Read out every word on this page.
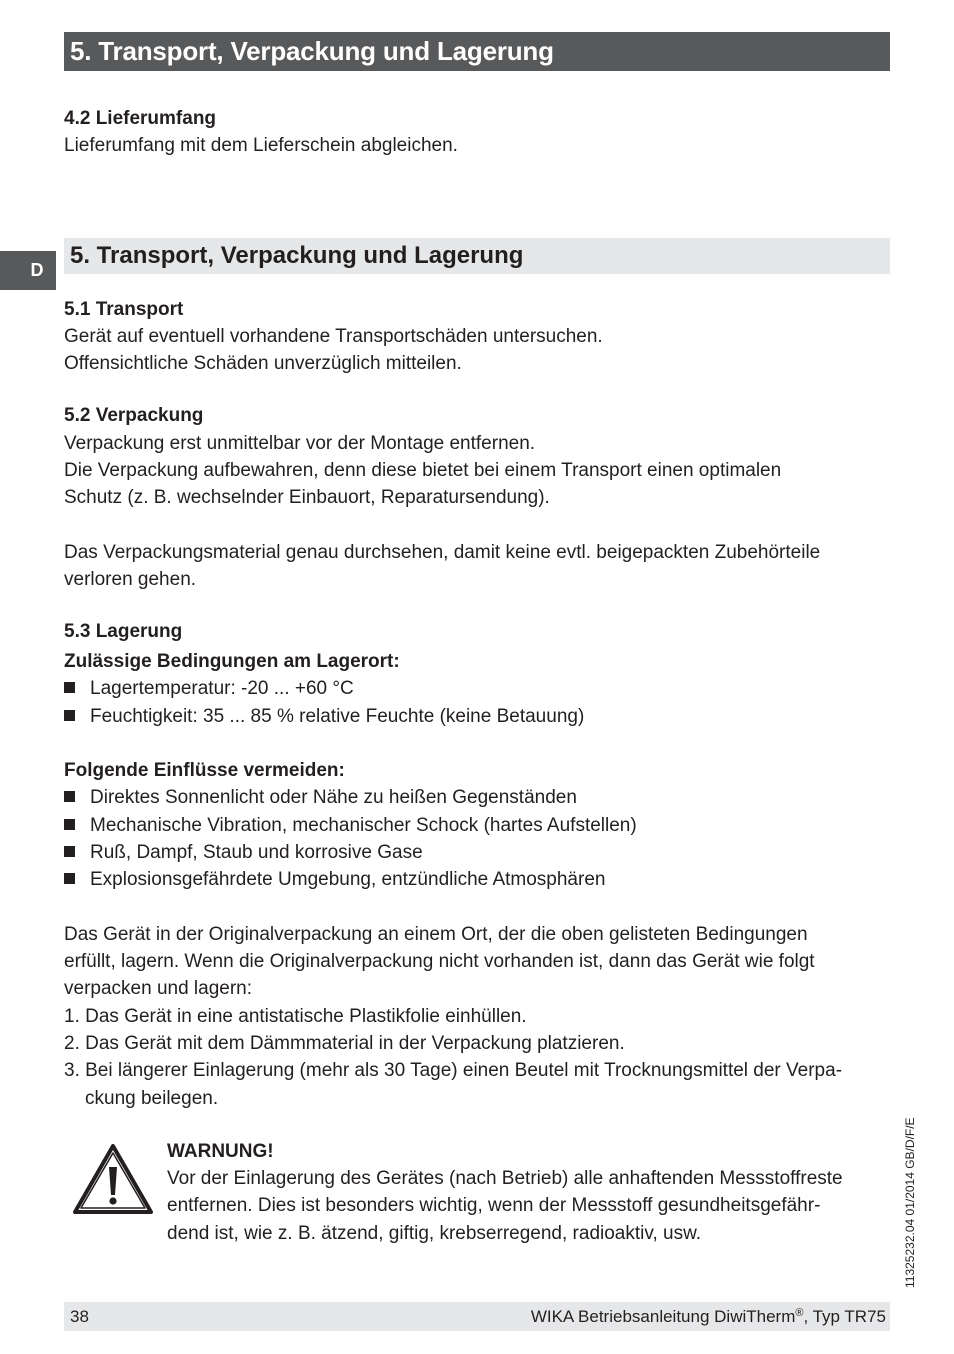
5. Transport, Verpackung und Lagerung
4.2 Lieferumfang
Lieferumfang mit dem Lieferschein abgleichen.
D
5. Transport, Verpackung und Lagerung
5.1 Transport
Gerät auf eventuell vorhandene Transportschäden untersuchen.
Offensichtliche Schäden unverzüglich mitteilen.
5.2 Verpackung
Verpackung erst unmittelbar vor der Montage entfernen.
Die Verpackung aufbewahren, denn diese bietet bei einem Transport einen optimalen
Schutz (z. B. wechselnder Einbauort, Reparatursendung).
Das Verpackungsmaterial genau durchsehen, damit keine evtl. beigepackten Zubehörteile
verloren gehen.
5.3 Lagerung
Zulässige Bedingungen am Lagerort:
Lagertemperatur: -20 ... +60 °C
Feuchtigkeit: 35 ... 85 % relative Feuchte (keine Betauung)
Folgende Einflüsse vermeiden:
Direktes Sonnenlicht oder Nähe zu heißen Gegenständen
Mechanische Vibration, mechanischer Schock (hartes Aufstellen)
Ruß, Dampf, Staub und korrosive Gase
Explosionsgefährdete Umgebung, entzündliche Atmosphären
Das Gerät in der Originalverpackung an einem Ort, der die oben gelisteten Bedingungen
erfüllt, lagern. Wenn die Originalverpackung nicht vorhanden ist, dann das Gerät wie folgt
verpacken und lagern:
1. Das Gerät in eine antistatische Plastikfolie einhüllen.
2. Das Gerät mit dem Dämmmaterial in der Verpackung platzieren.
3. Bei längerer Einlagerung (mehr als 30 Tage) einen Beutel mit Trocknungsmittel der Verpa-
ckung beilegen.
WARNUNG!
Vor der Einlagerung des Gerätes (nach Betrieb) alle anhaftenden Messstoffreste
entfernen. Dies ist besonders wichtig, wenn der Messstoff gesundheitsgefähr-
dend ist, wie z. B. ätzend, giftig, krebserregend, radioaktiv, usw.	11325232.04 01/2014 GB/D/F/E
38	WIKA Betriebsanleitung DiwiTherm®, Typ TR75
